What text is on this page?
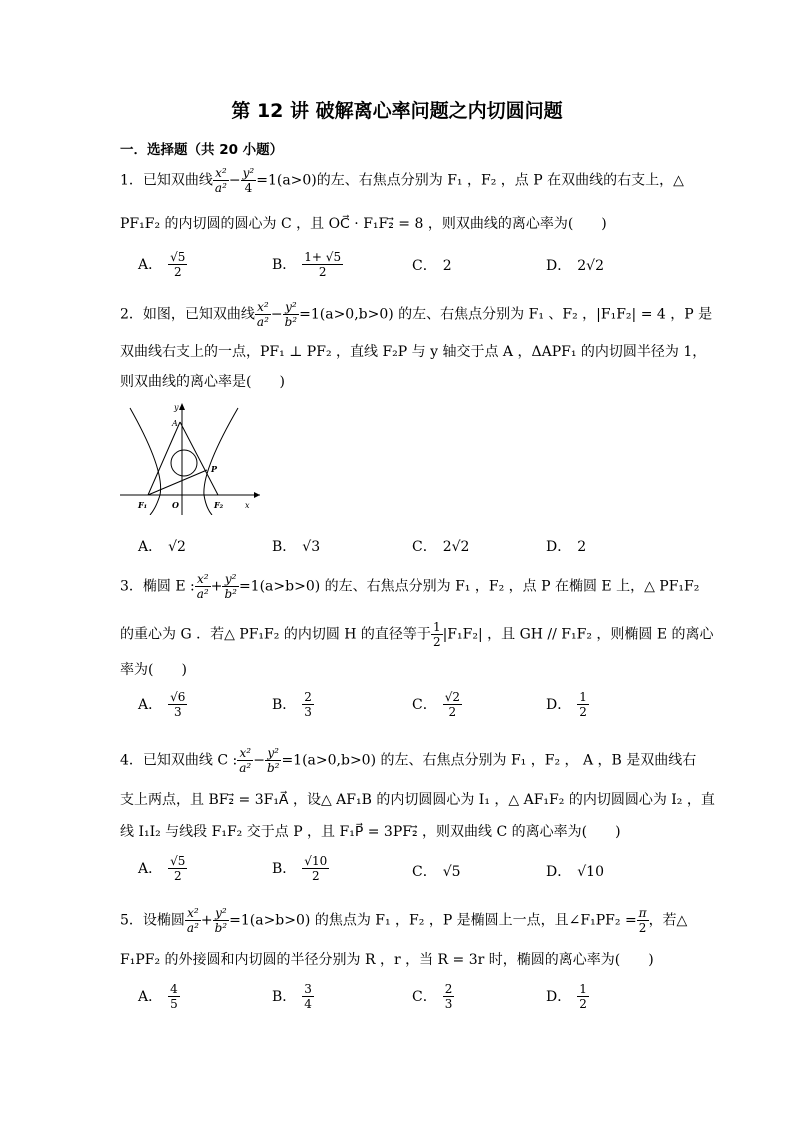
第 12 讲 破解离心率问题之内切圆问题
一．选择题（共 20 小题）
1．已知双曲线 $\frac{\text{x²}}{\text{a²}} - \frac{\text{y²}}{4} =1(a>0)$的左、右焦点分别为 F₁ ，F₂ ，点 P 在双曲线的右支上，△
PF₁F₂ 的内切圆的圆心为 C ，且 OC⃗ · F₁F₂⃗ = 8 ，则双曲线的离心率为(　　)
A． $\frac{√5}{2}$	B． $\frac{1+ √5}{2}$	C． 2	D． 2√2
2．如图，已知双曲线 $\frac{\text{x²}}{\text{a²}} - \frac{\text{y²}}{\text{b²}} =1(a>0,b>0)$ 的左、右焦点分别为 F₁ 、F₂ ，|F₁F₂| = 4 ，P 是
双曲线右支上的一点，PF₁ ⊥ PF₂ ，直线 F₂P 与 y 轴交于点 A ，ΔAPF₁ 的内切圆半径为 1，
则双曲线的离心率是(　　)
y
A
P
F₁	O	F₂	x
A． √2	B． √3	C． 2√2	D． 2
3．椭圆 E : $\frac{\text{x²}}{\text{a²}} + \frac{\text{y²}}{\text{b²}} =1(a>b>0)$ 的左、右焦点分别为 F₁ ，F₂ ，点 P 在椭圆 E 上，△ PF₁F₂
的重心为 G ．若△ PF₁F₂ 的内切圆 H 的直径等于 $\frac{1}{2} |F_1F_2|$ ，且 GH // F₁F₂ ，则椭圆 E 的离心
率为(　　)
A． $\frac{√6}{3}$	B． $\frac{2}{3}$	C． $\frac{√2}{2}$	D． $\frac{1}{2}$
4．已知双曲线 C : $\frac{\text{x²}}{\text{a²}} - \frac{\text{y²}}{\text{b²}} =1(a>0,b>0)$ 的左、右焦点分别为 F₁ ，F₂ ， A ，B 是双曲线右
支上两点，且 BF₂⃗ = 3F₁A⃗ ，设△ AF₁B 的内切圆圆心为 I₁ ，△ AF₁F₂ 的内切圆圆心为 I₂ ，直
线 I₁I₂ 与线段 F₁F₂ 交于点 P ，且 F₁P⃗ = 3PF₂⃗ ，则双曲线 C 的离心率为(　　)
A． $\frac{√5}{2}$	B． $\frac{√10}{2}$	C． √5	D． √10
5．设椭圆 $\frac{\text{x²}}{\text{a²}} + \frac{\text{y²}}{\text{b²}} =1(a>b>0)$ 的焦点为 F₁ ，F₂ ，P 是椭圆上一点，且∠F₁PF₂ = $\frac{\pi}{2}$ ，若△
F₁PF₂ 的外接圆和内切圆的半径分别为 R ，r ，当 R = 3r 时，椭圆的离心率为(　　)
A． $\frac{4}{5}$	B． $\frac{3}{4}$	C． $\frac{2}{3}$	D． $\frac{1}{2}$
